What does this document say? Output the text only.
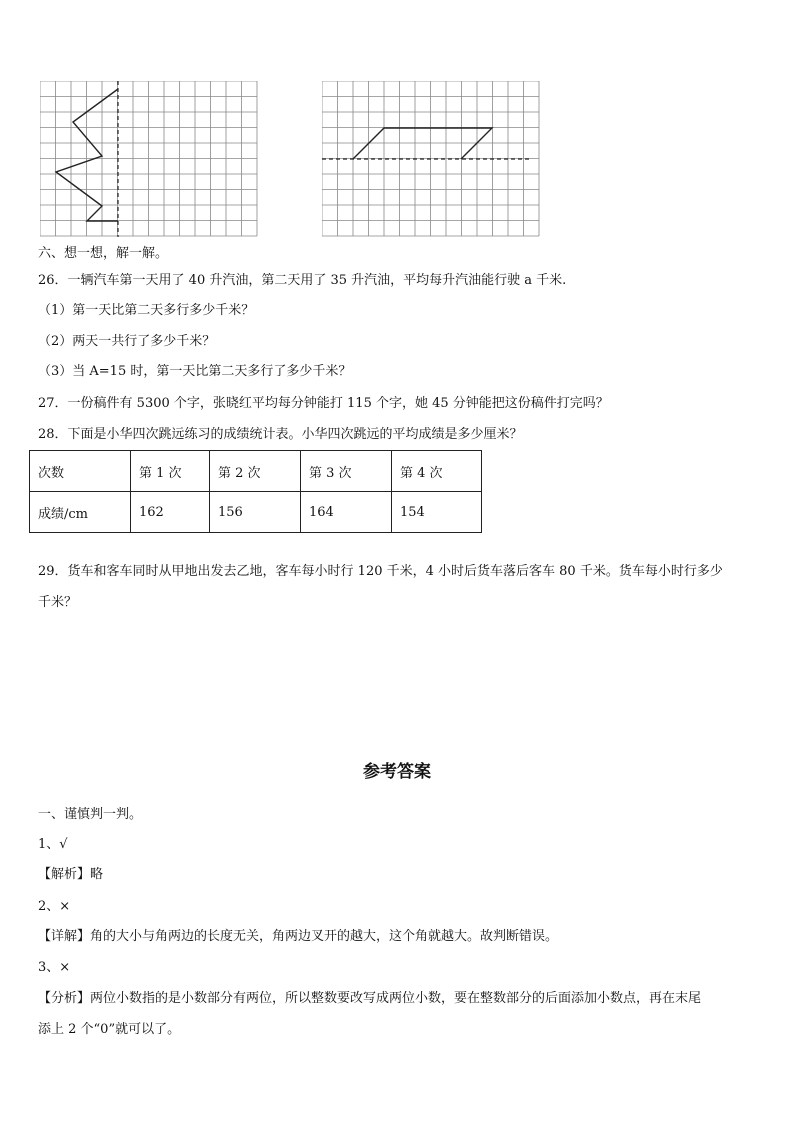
六、想一想，解一解。
26．一辆汽车第一天用了 40 升汽油，第二天用了 35 升汽油，平均每升汽油能行驶 a 千米.
（1）第一天比第二天多行多少千米？
（2）两天一共行了多少千米？
（3）当 A=15 时，第一天比第二天多行了多少千米？
27．一份稿件有 5300 个字，张晓红平均每分钟能打 115 个字，她 45 分钟能把这份稿件打完吗？
28．下面是小华四次跳远练习的成绩统计表。小华四次跳远的平均成绩是多少厘米？
次数	第 1 次	第 2 次	第 3 次	第 4 次
成绩/cm	162	156	164	154
29．货车和客车同时从甲地出发去乙地，客车每小时行 120 千米，4 小时后货车落后客车 80 千米。货车每小时行多少
千米？
参考答案
一、谨慎判一判。
1、√
【解析】略
2、×
【详解】角的大小与角两边的长度无关，角两边叉开的越大，这个角就越大。故判断错误。
3、×
【分析】两位小数指的是小数部分有两位，所以整数要改写成两位小数，要在整数部分的后面添加小数点，再在末尾
添上 2 个“0”就可以了。
